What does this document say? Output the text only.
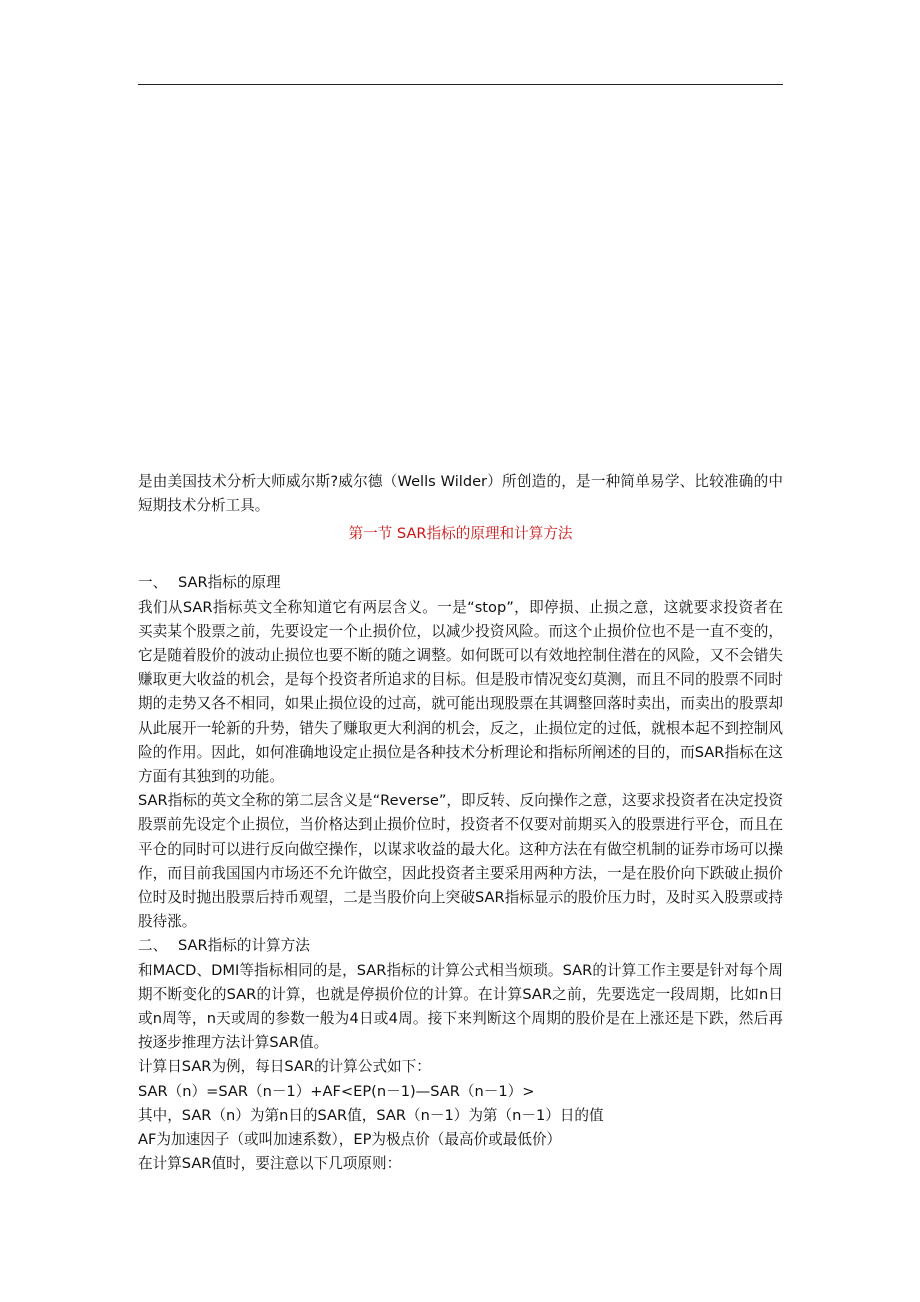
是由美国技术分析大师威尔斯?威尔德（Wells Wilder）所创造的，是一种简单易学、比较准确的中短期技术分析工具。

第一节 SAR指标的原理和计算方法

一、 SAR指标的原理

我们从SAR指标英文全称知道它有两层含义。一是“stop”，即停损、止损之意，这就要求投资者在买卖某个股票之前，先要设定一个止损价位，以减少投资风险。而这个止损价位也不是一直不变的，它是随着股价的波动止损位也要不断的随之调整。如何既可以有效地控制住潜在的风险，又不会错失赚取更大收益的机会，是每个投资者所追求的目标。但是股市情况变幻莫测，而且不同的股票不同时期的走势又各不相同，如果止损位设的过高，就可能出现股票在其调整回落时卖出，而卖出的股票却从此展开一轮新的升势，错失了赚取更大利润的机会，反之，止损位定的过低，就根本起不到控制风险的作用。因此，如何准确地设定止损位是各种技术分析理论和指标所阐述的目的，而SAR指标在这方面有其独到的功能。

SAR指标的英文全称的第二层含义是“Reverse”，即反转、反向操作之意，这要求投资者在决定投资股票前先设定个止损位，当价格达到止损价位时，投资者不仅要对前期买入的股票进行平仓，而且在平仓的同时可以进行反向做空操作，以谋求收益的最大化。这种方法在有做空机制的证券市场可以操作，而目前我国国内市场还不允许做空，因此投资者主要采用两种方法，一是在股价向下跌破止损价位时及时抛出股票后持币观望，二是当股价向上突破SAR指标显示的股价压力时，及时买入股票或持股待涨。

二、 SAR指标的计算方法

和MACD、DMI等指标相同的是，SAR指标的计算公式相当烦琐。SAR的计算工作主要是针对每个周期不断变化的SAR的计算，也就是停损价位的计算。在计算SAR之前，先要选定一段周期，比如n日或n周等，n天或周的参数一般为4日或4周。接下来判断这个周期的股价是在上涨还是下跌，然后再按逐步推理方法计算SAR值。

计算日SAR为例，每日SAR的计算公式如下：

SAR（n）=SAR（n－1）+AF<EP(n－1)—SAR（n－1）>

其中，SAR（n）为第n日的SAR值，SAR（n－1）为第（n－1）日的值

AF为加速因子（或叫加速系数），EP为极点价（最高价或最低价）

在计算SAR值时，要注意以下几项原则：
